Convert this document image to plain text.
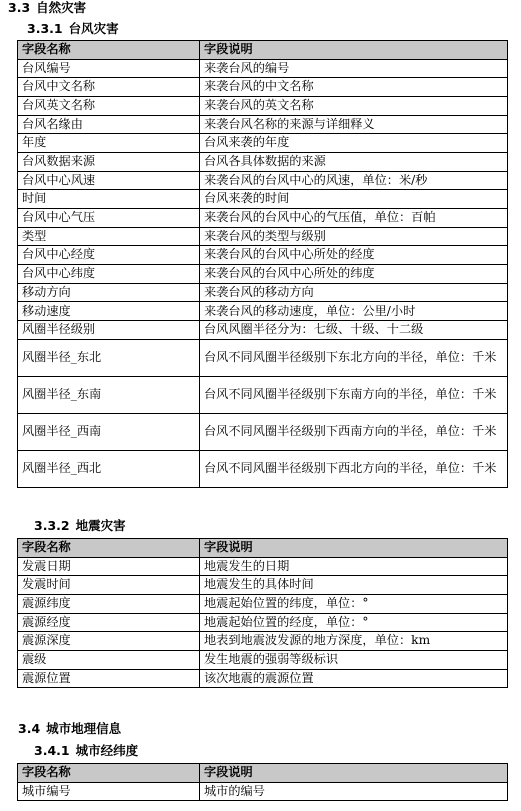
3.3 自然灾害
3.3.1 台风灾害
字段名称	字段说明
台风编号	来袭台风的编号
台风中文名称	来袭台风的中文名称
台风英文名称	来袭台风的英文名称
台风名缘由	来袭台风名称的来源与详细释义
年度	台风来袭的年度
台风数据来源	台风各具体数据的来源
台风中心风速	来袭台风的台风中心的风速，单位：米/秒
时间	台风来袭的时间
台风中心气压	来袭台风的台风中心的气压值，单位：百帕
类型	来袭台风的类型与级别
台风中心经度	来袭台风的台风中心所处的经度
台风中心纬度	来袭台风的台风中心所处的纬度
移动方向	来袭台风的移动方向
移动速度	来袭台风的移动速度，单位：公里/小时
风圈半径级别	台风风圈半径分为：七级、十级、十二级
风圈半径_东北	台风不同风圈半径级别下东北方向的半径，单位：千米
风圈半径_东南	台风不同风圈半径级别下东南方向的半径，单位：千米
风圈半径_西南	台风不同风圈半径级别下西南方向的半径，单位：千米
风圈半径_西北	台风不同风圈半径级别下西北方向的半径，单位：千米
3.3.2 地震灾害
字段名称	字段说明
发震日期	地震发生的日期
发震时间	地震发生的具体时间
震源纬度	地震起始位置的纬度，单位：°
震源经度	地震起始位置的经度，单位：°
震源深度	地表到地震波发源的地方深度，单位：km
震级	发生地震的强弱等级标识
震源位置	该次地震的震源位置
3.4 城市地理信息
3.4.1 城市经纬度
字段名称	字段说明
城市编号	城市的编号
